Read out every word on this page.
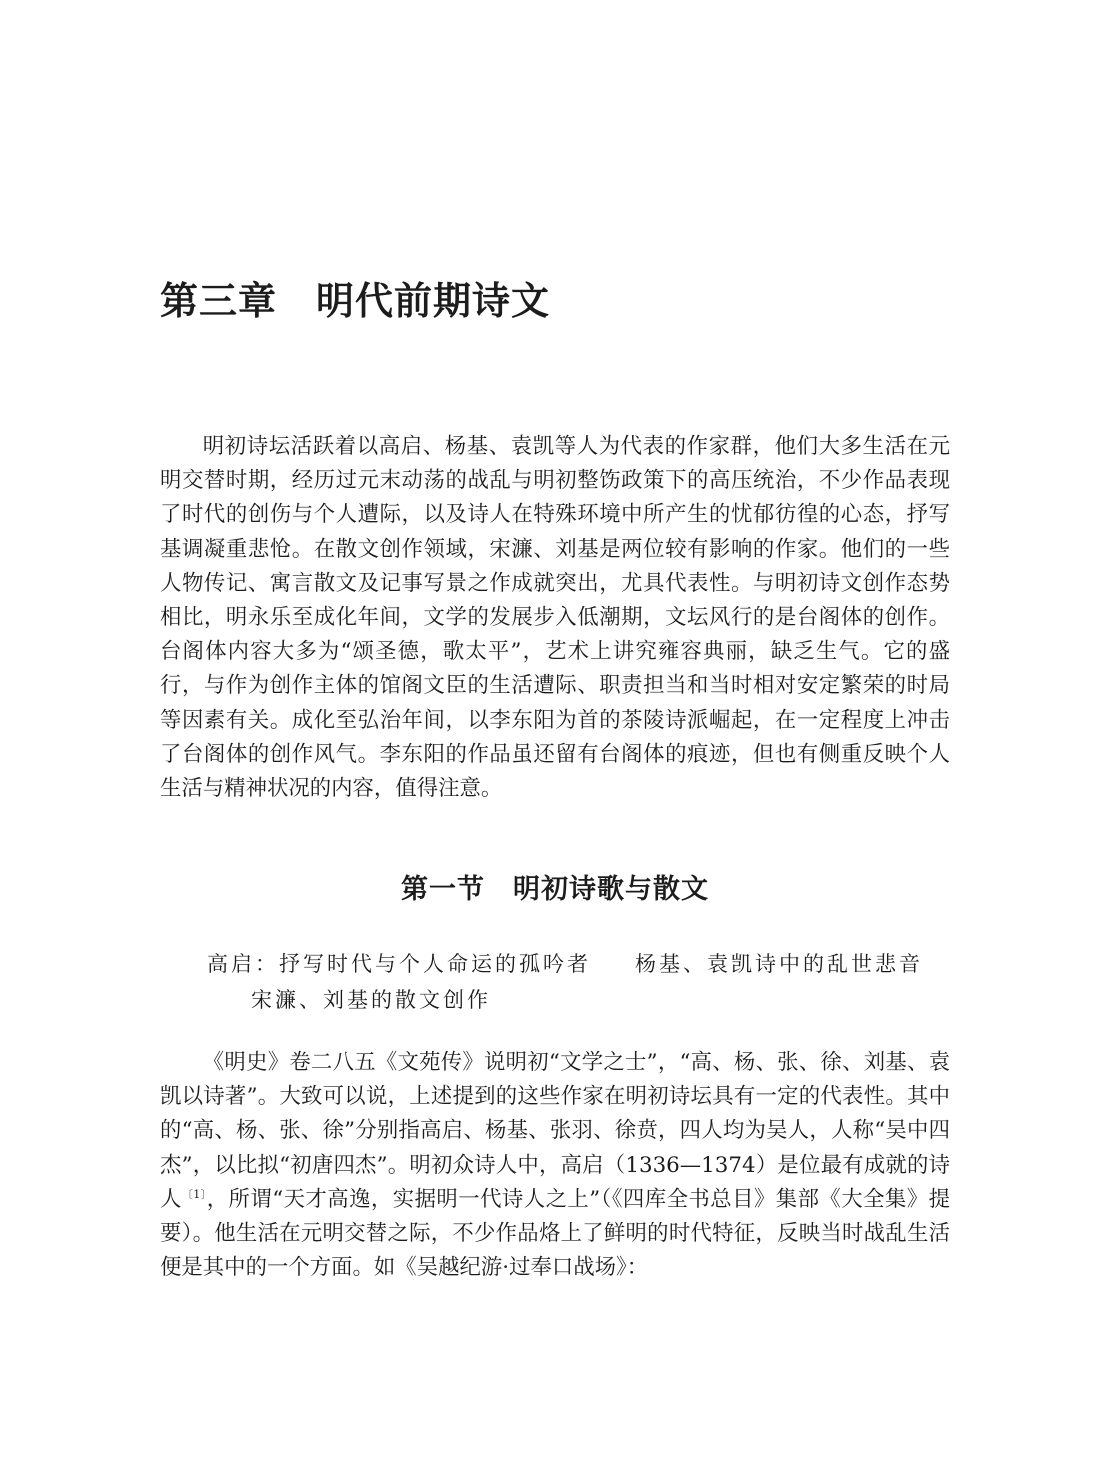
第三章　明代前期诗文

明初诗坛活跃着以高启、杨基、袁凯等人为代表的作家群，他们大多生活在元明交替时期，经历过元末动荡的战乱与明初整饬政策下的高压统治，不少作品表现了时代的创伤与个人遭际，以及诗人在特殊环境中所产生的忧郁彷徨的心态，抒写基调凝重悲怆。在散文创作领域，宋濂、刘基是两位较有影响的作家。他们的一些人物传记、寓言散文及记事写景之作成就突出，尤具代表性。与明初诗文创作态势相比，明永乐至成化年间，文学的发展步入低潮期，文坛风行的是台阁体的创作。台阁体内容大多为“颂圣德，歌太平”，艺术上讲究雍容典丽，缺乏生气。它的盛行，与作为创作主体的馆阁文臣的生活遭际、职责担当和当时相对安定繁荣的时局等因素有关。成化至弘治年间，以李东阳为首的茶陵诗派崛起，在一定程度上冲击了台阁体的创作风气。李东阳的作品虽还留有台阁体的痕迹，但也有侧重反映个人生活与精神状况的内容，值得注意。

第一节　明初诗歌与散文

高启：抒写时代与个人命运的孤吟者 杨基、袁凯诗中的乱世悲音宋濂、刘基的散文创作

《明史》卷二八五《文苑传》说明初“文学之士”，“高、杨、张、徐、刘基、袁凯以诗著”。大致可以说，上述提到的这些作家在明初诗坛具有一定的代表性。其中的“高、杨、张、徐”分别指高启、杨基、张羽、徐贲，四人均为吴人，人称“吴中四杰”，以比拟“初唐四杰”。明初众诗人中，高启（1336—1374）是位最有成就的诗人$^{〔1〕}$，所谓“天才高逸，实据明一代诗人之上”（《四库全书总目》集部《大全集》提要）。他生活在元明交替之际，不少作品烙上了鲜明的时代特征，反映当时战乱生活便是其中的一个方面。如《吴越纪游·过奉口战场》：
